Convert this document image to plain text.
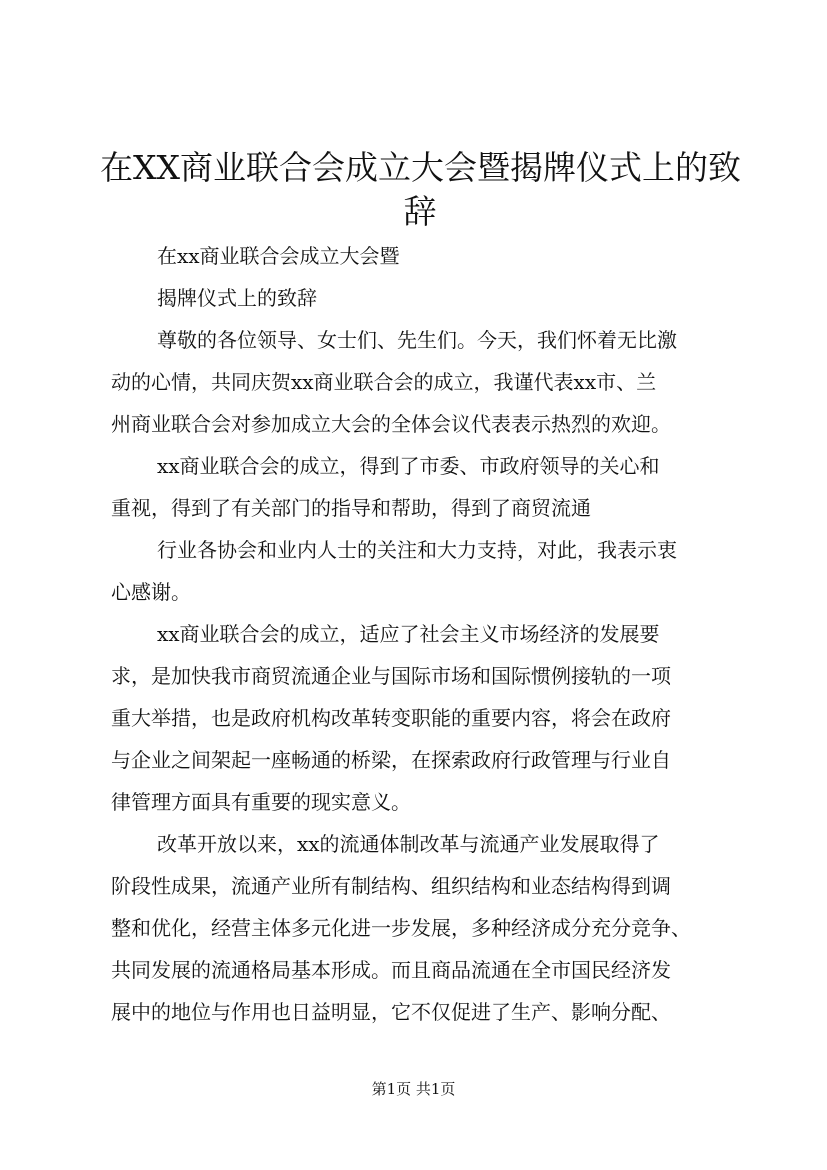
在XX商业联合会成立大会暨揭牌仪式上的致
辞

在xx商业联合会成立大会暨

揭牌仪式上的致辞

尊敬的各位领导、女士们、先生们。今天，我们怀着无比激

动的心情，共同庆贺xx商业联合会的成立，我谨代表xx市、兰

州商业联合会对参加成立大会的全体会议代表表示热烈的欢迎。

xx商业联合会的成立，得到了市委、市政府领导的关心和

重视，得到了有关部门的指导和帮助，得到了商贸流通

行业各协会和业内人士的关注和大力支持，对此，我表示衷

心感谢。

xx商业联合会的成立，适应了社会主义市场经济的发展要

求，是加快我市商贸流通企业与国际市场和国际惯例接轨的一项

重大举措，也是政府机构改革转变职能的重要内容，将会在政府

与企业之间架起一座畅通的桥梁，在探索政府行政管理与行业自

律管理方面具有重要的现实意义。

改革开放以来，xx的流通体制改革与流通产业发展取得了

阶段性成果，流通产业所有制结构、组织结构和业态结构得到调

整和优化，经营主体多元化进一步发展，多种经济成分充分竞争、

共同发展的流通格局基本形成。而且商品流通在全市国民经济发

展中的地位与作用也日益明显，它不仅促进了生产、影响分配、

第1页 共1页
